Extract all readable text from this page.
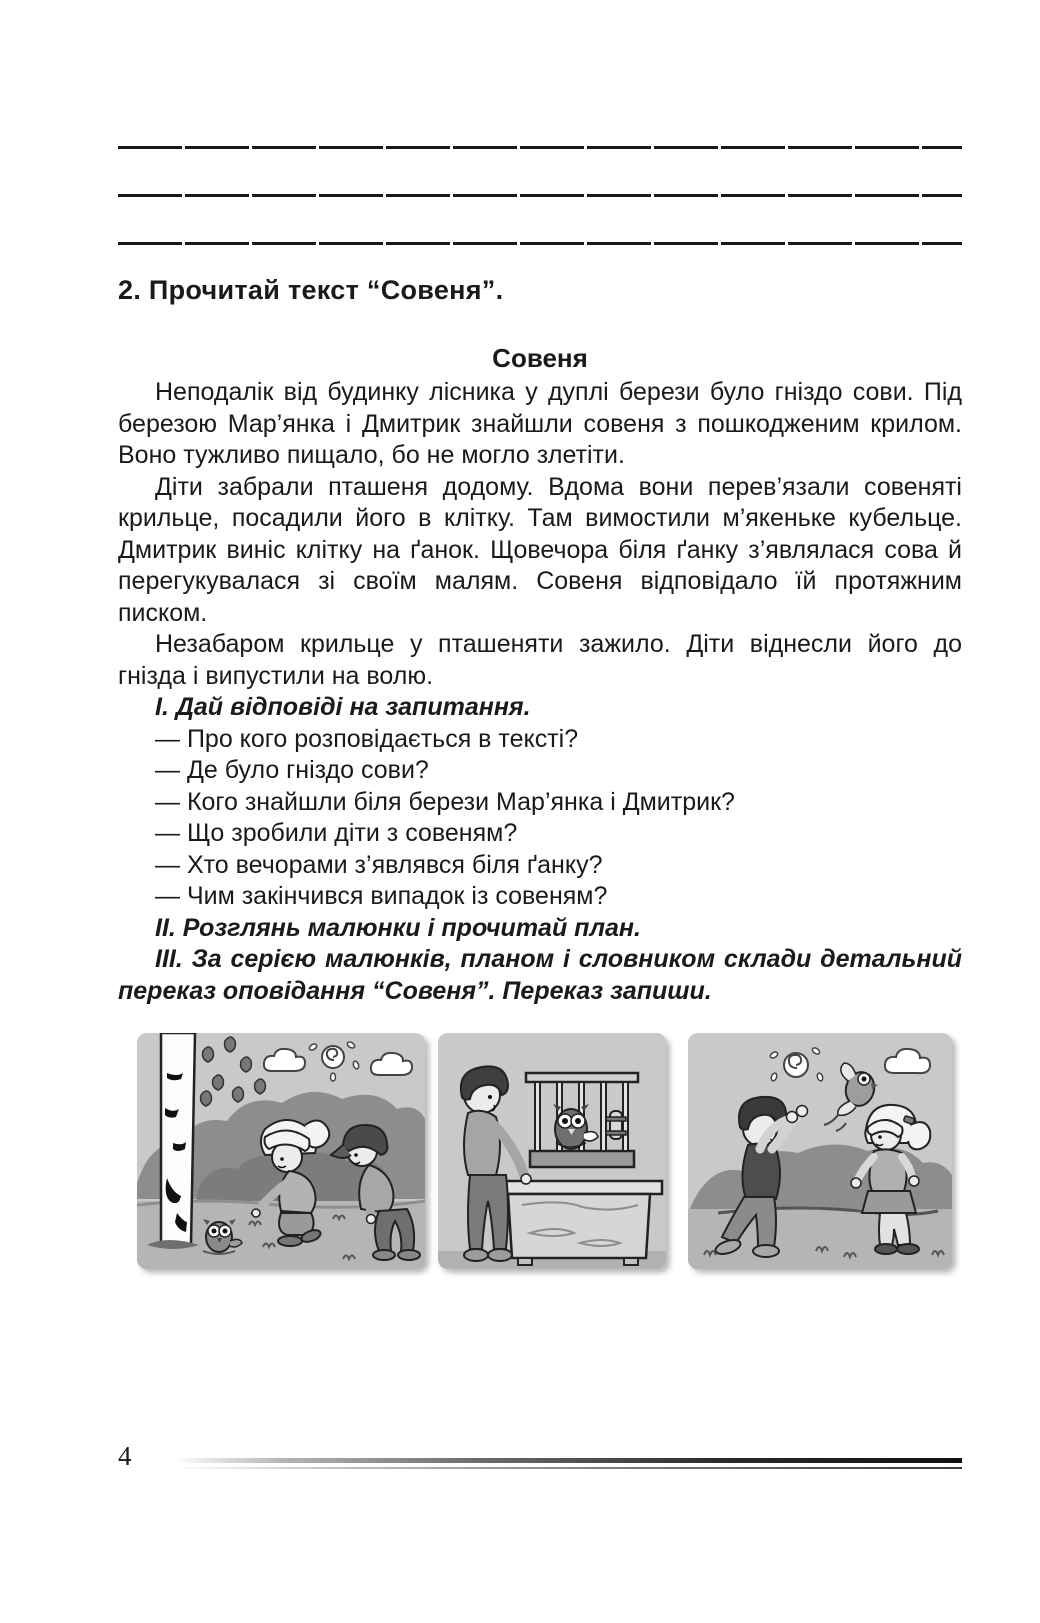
2. Прочитай текст “Совеня”.
Совеня

Неподалік від будинку лісника у дуплі берези було гніздо сови. Під березою Мар’янка і Дмитрик знайшли совеня з пошкодженим крилом. Воно тужливо пищало, бо не могло злетіти.

Діти забрали пташеня додому. Вдома вони перев’язали совеняті крильце, посадили його в клітку. Там вимостили м’якеньке кубельце. Дмитрик виніс клітку на ґанок. Щовечора біля ґанку з’являлася сова й перегукувалася зі своїм малям. Совеня відповідало їй протяжним писком.

Незабаром крильце у пташеняти зажило. Діти віднесли його до гнізда і випустили на волю.

І. Дай відповіді на запитання.

— Про кого розповідається в тексті?

— Де було гніздо сови?

— Кого знайшли біля берези Мар’янка і Дмитрик?

— Що зробили діти з совеням?

— Хто вечорами з’являвся біля ґанку?

— Чим закінчився випадок із совеням?

ІІ. Розглянь малюнки і прочитай план.

ІІІ. За серією малюнків, планом і словником склади детальний переказ оповідання “Совеня”. Переказ запиши.

4
